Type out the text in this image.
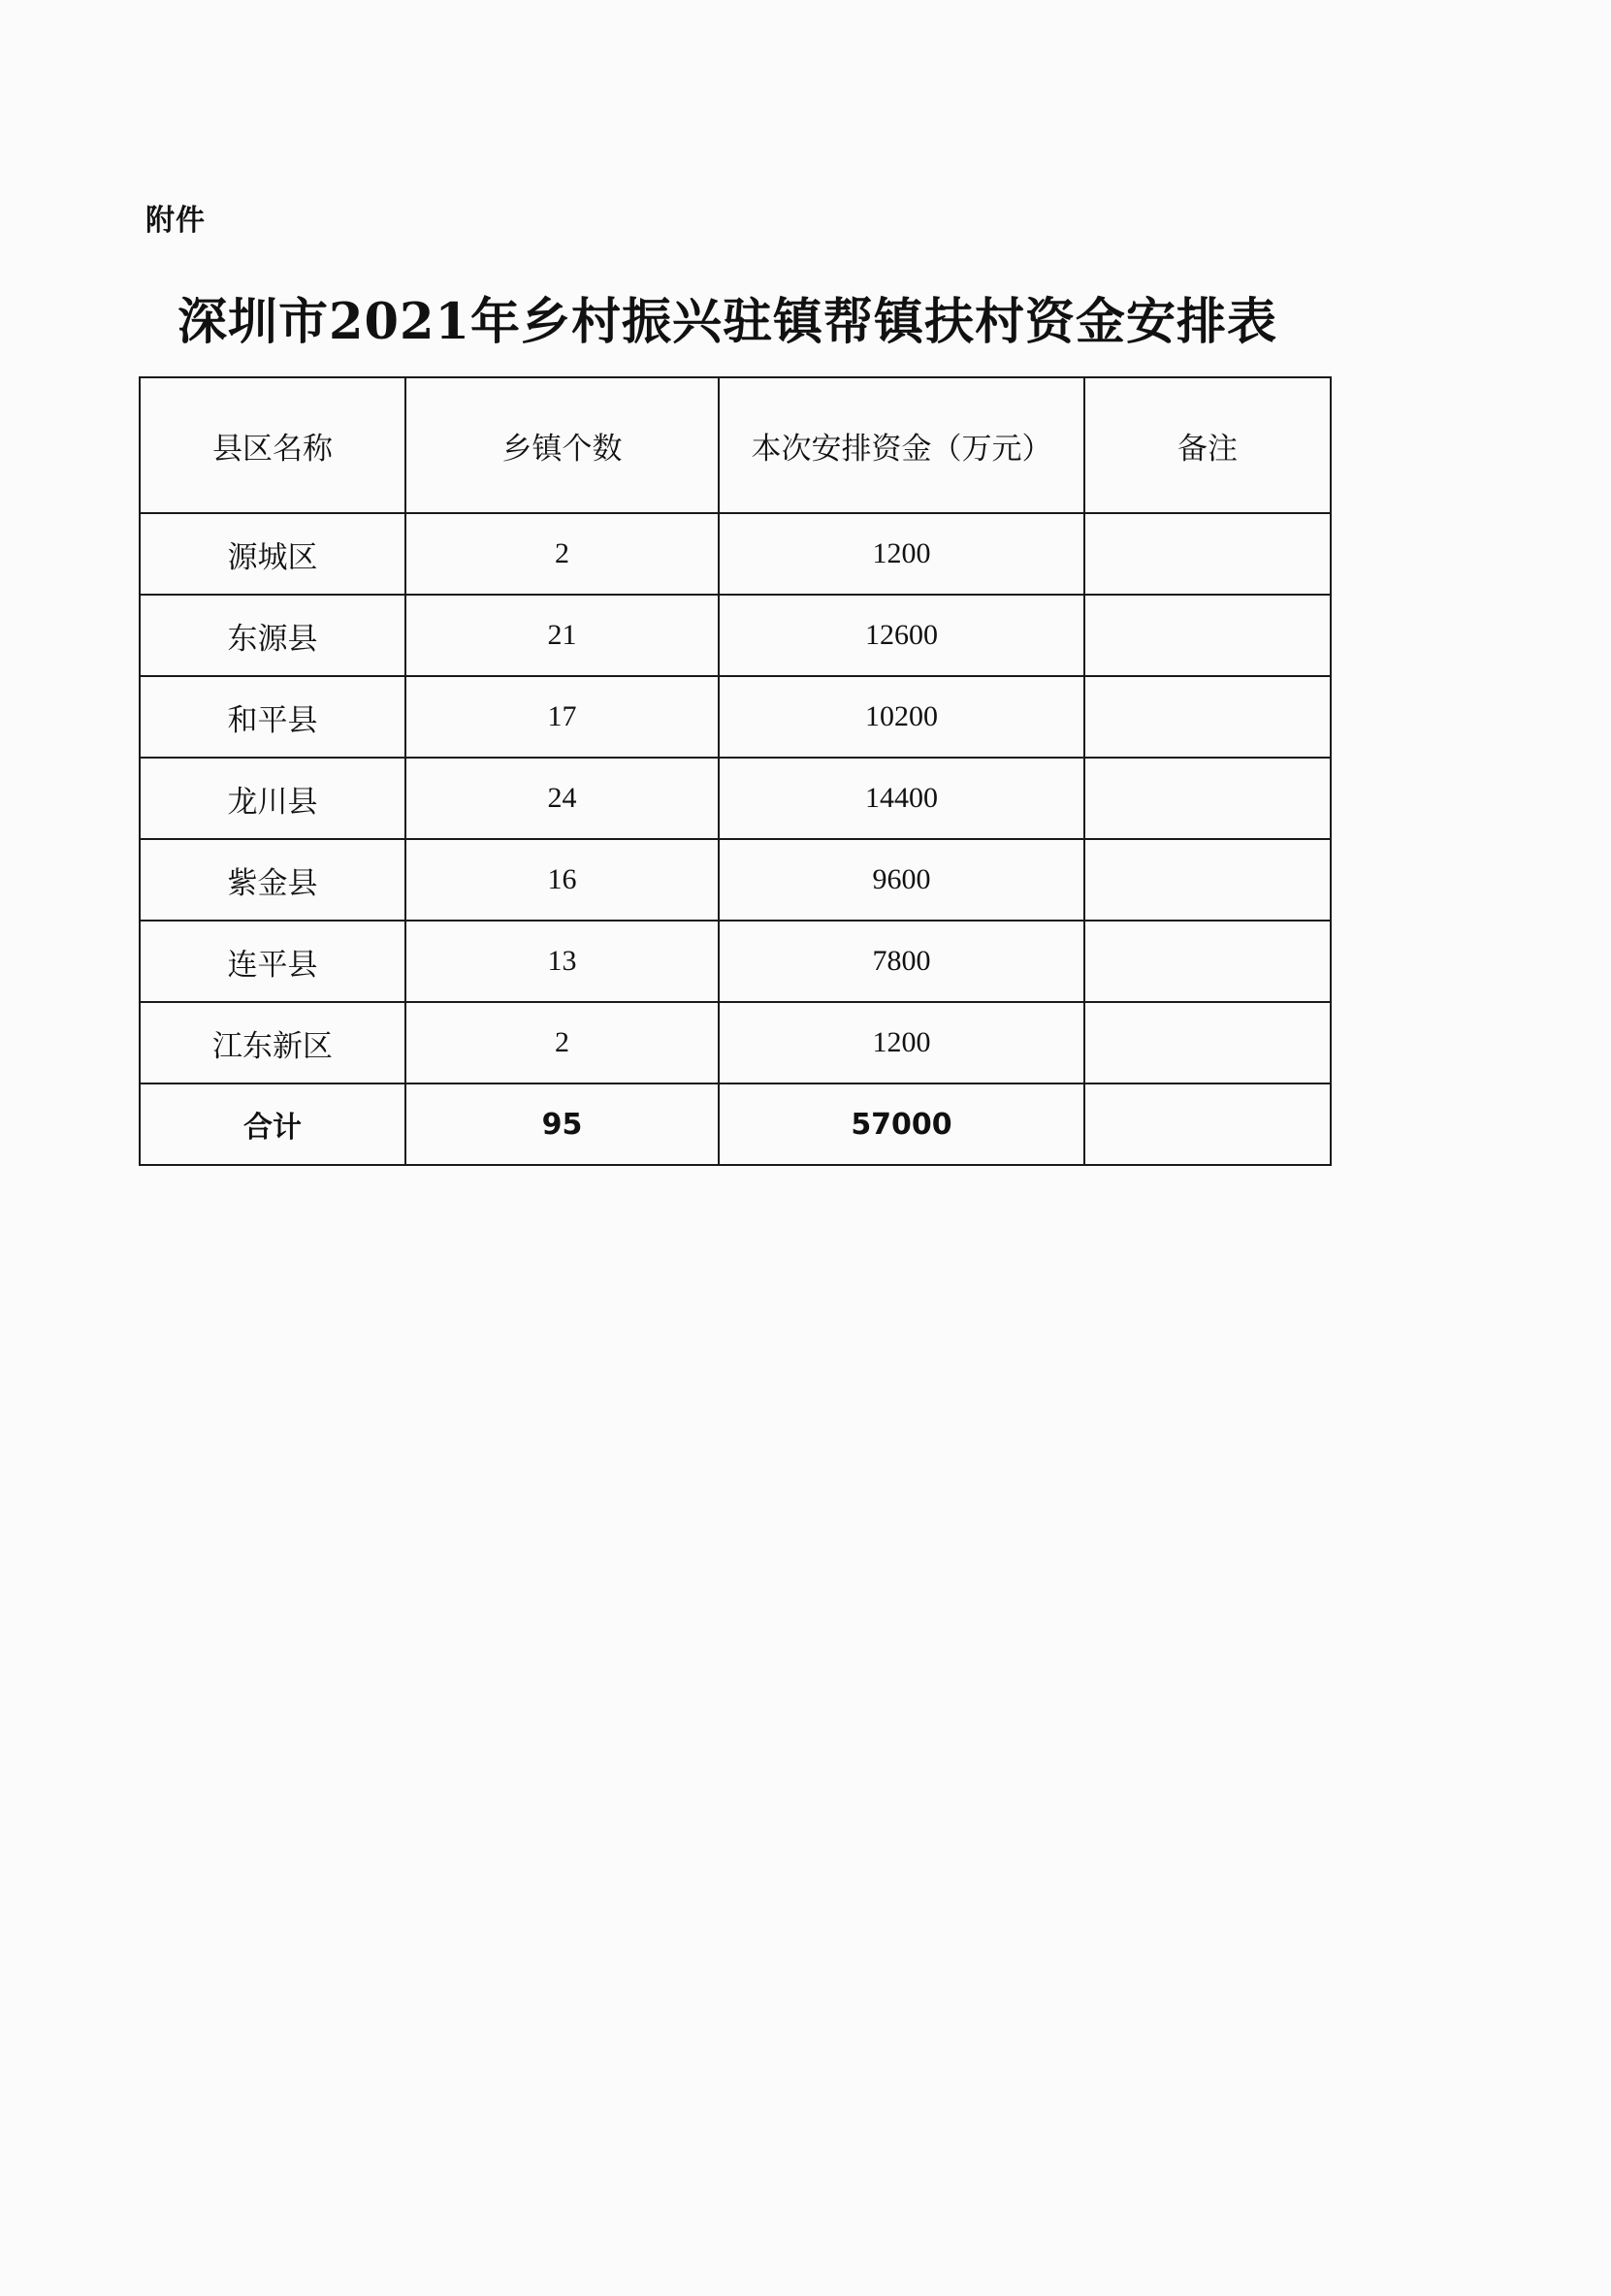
附件
深圳市2021年乡村振兴驻镇帮镇扶村资金安排表
县区名称	乡镇个数	本次安排资金（万元）	备注
源城区	2	1200	
东源县	21	12600	
和平县	17	10200	
龙川县	24	14400	
紫金县	16	9600	
连平县	13	7800	
江东新区	2	1200	
合计	95	57000	
